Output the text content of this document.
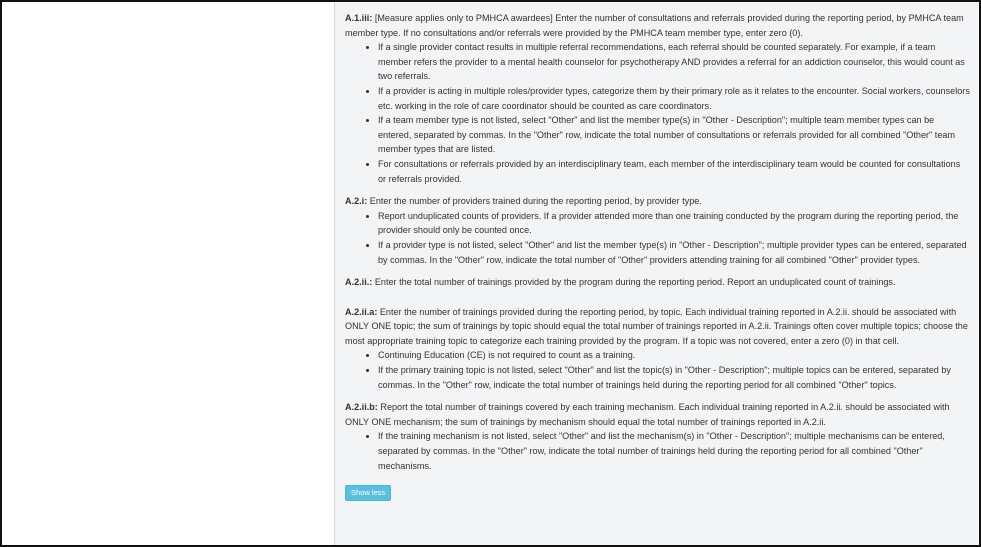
A.1.iii: [Measure applies only to PMHCA awardees] Enter the number of consultations and referrals provided during the reporting period, by PMHCA team member type. If no consultations and/or referrals were provided by the PMHCA team member type, enter zero (0).

• If a single provider contact results in multiple referral recommendations, each referral should be counted separately. For example, if a team member refers the provider to a mental health counselor for psychotherapy AND provides a referral for an addiction counselor, this would count as two referrals.
• If a provider is acting in multiple roles/provider types, categorize them by their primary role as it relates to the encounter. Social workers, counselors etc. working in the role of care coordinator should be counted as care coordinators.
• If a team member type is not listed, select "Other" and list the member type(s) in "Other - Description"; multiple team member types can be entered, separated by commas. In the "Other" row, indicate the total number of consultations or referrals provided for all combined "Other" team member types that are listed.
• For consultations or referrals provided by an interdisciplinary team, each member of the interdisciplinary team would be counted for consultations or referrals provided.

A.2.i: Enter the number of providers trained during the reporting period, by provider type.

• Report unduplicated counts of providers. If a provider attended more than one training conducted by the program during the reporting period, the provider should only be counted once.
• If a provider type is not listed, select "Other" and list the member type(s) in "Other - Description"; multiple provider types can be entered, separated by commas. In the "Other" row, indicate the total number of "Other" providers attending training for all combined "Other" provider types.

A.2.ii.: Enter the total number of trainings provided by the program during the reporting period. Report an unduplicated count of trainings.

A.2.ii.a: Enter the number of trainings provided during the reporting period, by topic. Each individual training reported in A.2.ii. should be associated with ONLY ONE topic; the sum of trainings by topic should equal the total number of trainings reported in A.2.ii. Trainings often cover multiple topics; choose the most appropriate training topic to categorize each training provided by the program. If a topic was not covered, enter a zero (0) in that cell.

• Continuing Education (CE) is not required to count as a training.
• If the primary training topic is not listed, select "Other" and list the topic(s) in "Other - Description"; multiple topics can be entered, separated by commas. In the "Other" row, indicate the total number of trainings held during the reporting period for all combined "Other" topics.

A.2.ii.b: Report the total number of trainings covered by each training mechanism. Each individual training reported in A.2.ii. should be associated with ONLY ONE mechanism; the sum of trainings by mechanism should equal the total number of trainings reported in A.2.ii.

• If the training mechanism is not listed, select "Other" and list the mechanism(s) in "Other - Description"; multiple mechanisms can be entered, separated by commas. In the "Other" row, indicate the total number of trainings held during the reporting period for all combined "Other" mechanisms.
Show less
